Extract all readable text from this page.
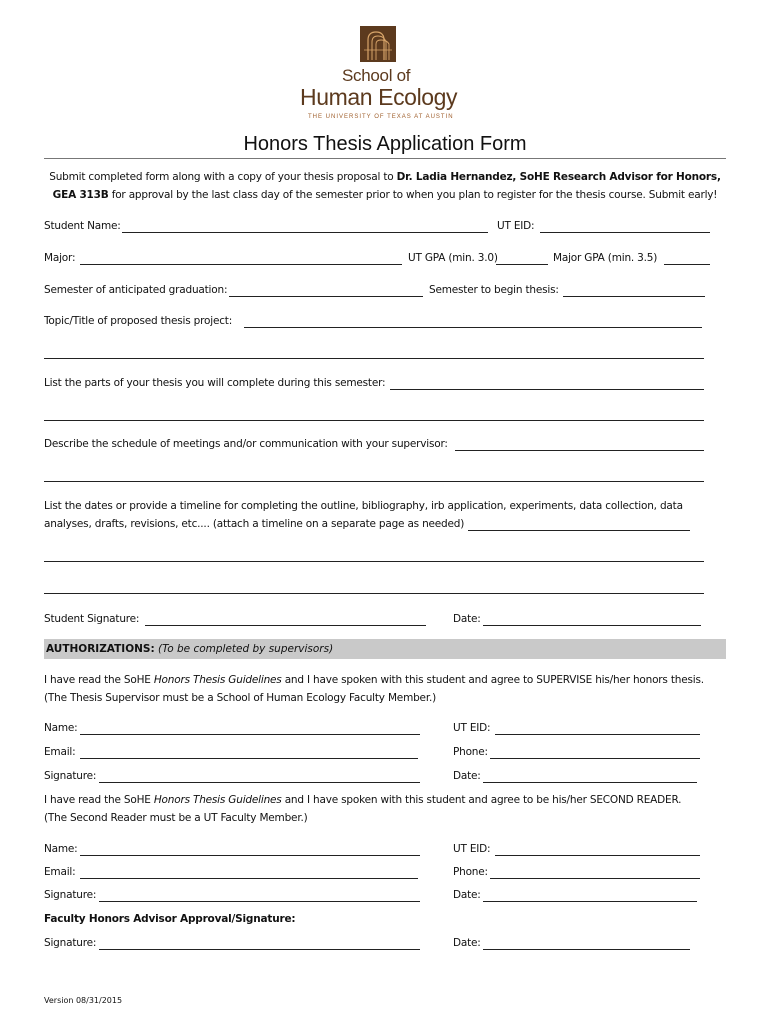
School of
Human Ecology
THE UNIVERSITY OF TEXAS AT AUSTIN
Honors Thesis Application Form
Submit completed form along with a copy of your thesis proposal to Dr. Ladia Hernandez, SoHE Research Advisor for Honors,
GEA 313B for approval by the last class day of the semester prior to when you plan to register for the thesis course. Submit early!
Student Name:	UT EID:
Major:	UT GPA (min. 3.0)	Major GPA (min. 3.5)
Semester of anticipated graduation:	Semester to begin thesis:
Topic/Title of proposed thesis project:
List the parts of your thesis you will complete during this semester:
Describe the schedule of meetings and/or communication with your supervisor:
List the dates or provide a timeline for completing the outline, bibliography, irb application, experiments, data collection, data
analyses, drafts, revisions, etc.... (attach a timeline on a separate page as needed)
Student Signature:	Date:
AUTHORIZATIONS: (To be completed by supervisors)
I have read the SoHE Honors Thesis Guidelines and I have spoken with this student and agree to SUPERVISE his/her honors thesis.
(The Thesis Supervisor must be a School of Human Ecology Faculty Member.)
Name:	UT EID:
Email:	Phone:
Signature:	Date:
I have read the SoHE Honors Thesis Guidelines and I have spoken with this student and agree to be his/her SECOND READER.
(The Second Reader must be a UT Faculty Member.)
Name:	UT EID:
Email:	Phone:
Signature:	Date:
Faculty Honors Advisor Approval/Signature:
Signature:	Date:
Version 08/31/2015
